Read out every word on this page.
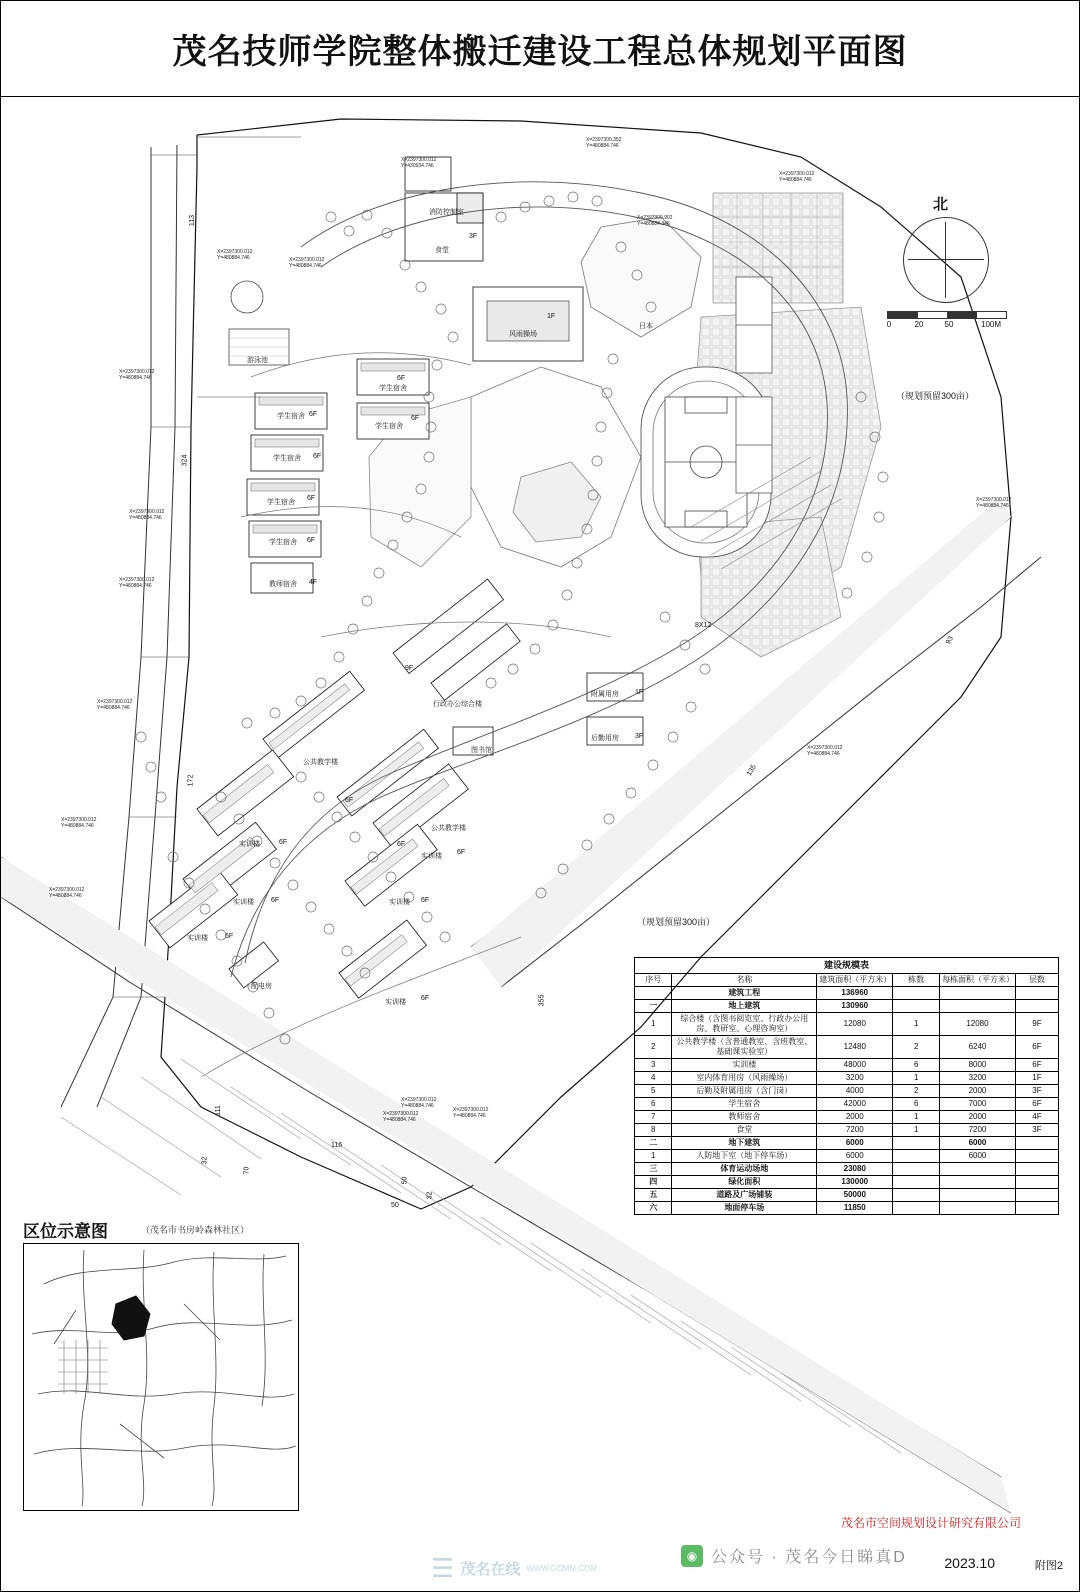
茂名技师学院整体搬迁建设工程总体规划平面图
消防控制室
3F
食堂
1F
风雨操场
日本
游泳池
6F
学生宿舍
学生宿舍 6F
学生宿舍
6F
学生宿舍 6F
学生宿舍
6F
学生宿舍 6F
教师宿舍 4F
附属用房 1F
后勤用房 3F
行政办公综合楼
9F
图书馆
公共教学楼
6F
公共教学楼
6F
实训楼	6F
实训楼
6F
实训楼 6F	实训楼 6F
实训楼 6F
实训楼
6F
配电房
X=2397300.012
Y=480884.746
X=2397300.012
Y=430934.746
X=2397300.352
Y=480884.746
X=2397300.902
Y=480884.346
X=2397300.012
Y=480884.746
X=2397300.012
Y=480884.746
X=2397300.012
Y=480884.746
X=2397300.012
Y=480884.746
X=2397300.012
Y=480884.746
X=2397300.012
Y=480884.746
X=2397300.012
Y=480884.746
X=2397300.012
Y=480884.746
X=2397300.012
Y=480884.746
X=2397300.012
Y=480884.746
X=2397300.012
Y=480884.746
X=2397300.012
Y=480884.746
X=2397300.012
Y=480884.746
113
324
172
111
70
32
116
50
32
50
355
135
93
8X12
北
0	20	50	100M
（规划预留300亩）
（规划预留300亩）
区位示意图	（茂名市书房岭森林社区）
建设规模表					
序号	名称	建筑面积（平方米）	栋数	每栋面积（平方米）	层数
	建筑工程	136960			
一	地上建筑	130960			
1	综合楼（含图书阅览室、行政办公用房、教研室、心理咨询室）	12080	1	12080	9F
2	公共教学楼（含普通教室、含班教室、基础课实验室）	12480	2	6240	6F
3	实训楼	48000	6	8000	6F
4	室内体育用房（风雨操场）	3200	1	3200	1F
5	后勤及附属用房（含门岗）	4000	2	2000	3F
6	学生宿舍	42000	6	7000	6F
7	教师宿舍	2000	1	2000	4F
8	食堂	7200	1	7200	3F
二	地下建筑	6000		6000	
1	人防地下室（地下停车场）	6000		6000	
三	体育运动场地	23080			
四	绿化面积	130000			
五	道路及广场铺装	50000			
六	地面停车场	11850			
茂名市空间规划设计研究有限公司
2023.10	附图2
☰ 茂名在线 WWW.GDMM.COM
◉ 公众号 · 茂名今日睇真D
